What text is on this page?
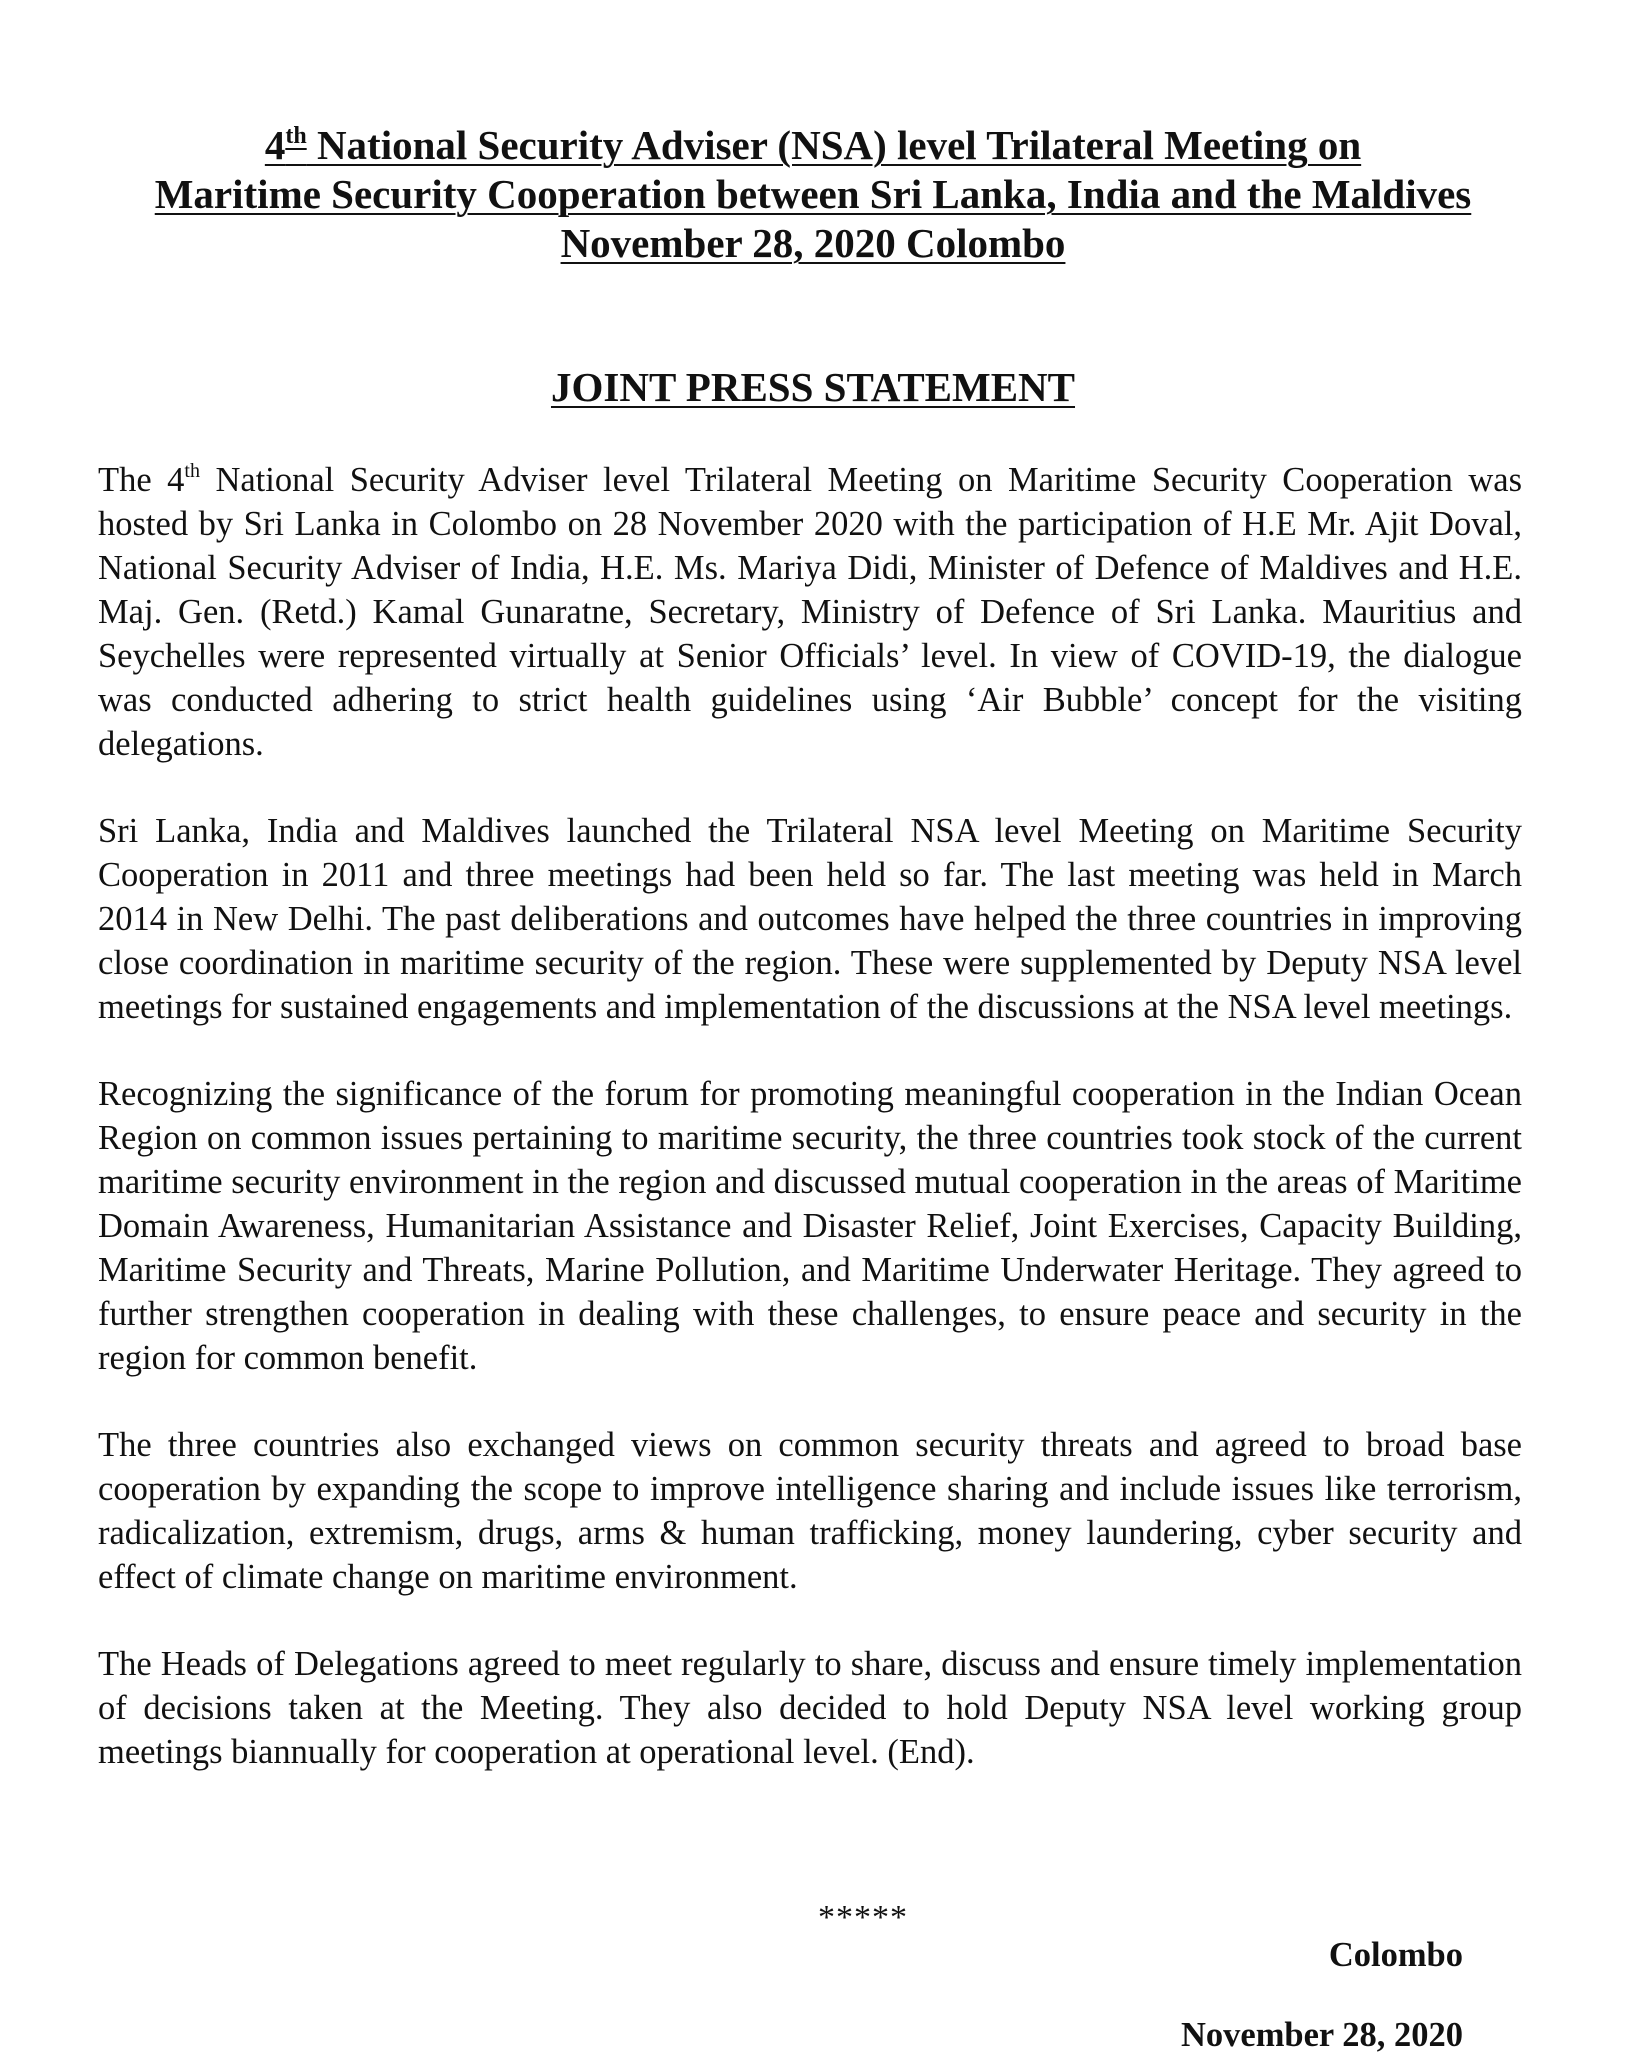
4th National Security Adviser (NSA) level Trilateral Meeting on
Maritime Security Cooperation between Sri Lanka, India and the Maldives
November 28, 2020 Colombo
JOINT PRESS STATEMENT

The 4th National Security Adviser level Trilateral Meeting on Maritime Security Cooperation was hosted by Sri Lanka in Colombo on 28 November 2020 with the participation of H.E Mr. Ajit Doval, National Security Adviser of India, H.E. Ms. Mariya Didi, Minister of Defence of Maldives and H.E. Maj. Gen. (Retd.) Kamal Gunaratne, Secretary, Ministry of Defence of Sri Lanka. Mauritius and Seychelles were represented virtually at Senior Officials’ level. In view of COVID-19, the dialogue was conducted adhering to strict health guidelines using ‘Air Bubble’ concept for the visiting delegations.

Sri Lanka, India and Maldives launched the Trilateral NSA level Meeting on Maritime Security Cooperation in 2011 and three meetings had been held so far. The last meeting was held in March 2014 in New Delhi. The past deliberations and outcomes have helped the three countries in improving close coordination in maritime security of the region. These were supplemented by Deputy NSA level meetings for sustained engagements and implementation of the discussions at the NSA level meetings.

Recognizing the significance of the forum for promoting meaningful cooperation in the Indian Ocean Region on common issues pertaining to maritime security, the three countries took stock of the current maritime security environment in the region and discussed mutual cooperation in the areas of Maritime Domain Awareness, Humanitarian Assistance and Disaster Relief, Joint Exercises, Capacity Building, Maritime Security and Threats, Marine Pollution, and Maritime Underwater Heritage. They agreed to further strengthen cooperation in dealing with these challenges, to ensure peace and security in the region for common benefit.

The three countries also exchanged views on common security threats and agreed to broad base cooperation by expanding the scope to improve intelligence sharing and include issues like terrorism, radicalization, extremism, drugs, arms & human trafficking, money laundering, cyber security and effect of climate change on maritime environment.

The Heads of Delegations agreed to meet regularly to share, discuss and ensure timely implementation of decisions taken at the Meeting. They also decided to hold Deputy NSA level working group meetings biannually for cooperation at operational level. (End).

*****
Colombo
November 28, 2020
